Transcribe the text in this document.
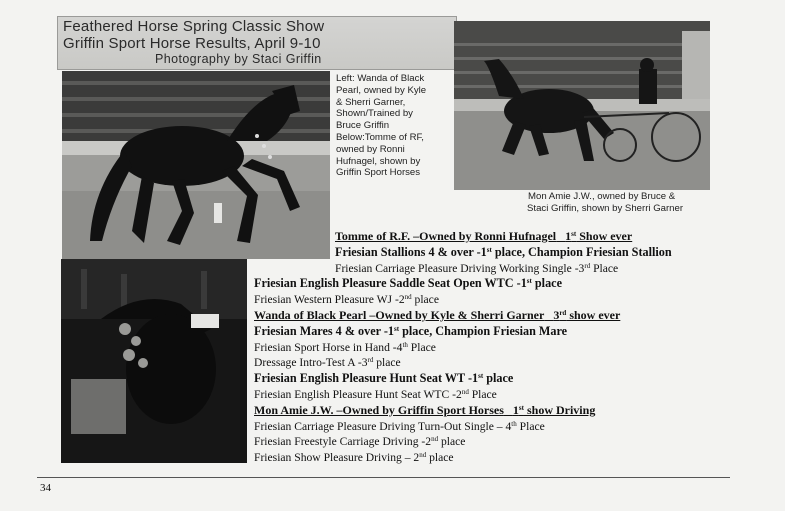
Feathered Horse Spring Classic Show
Griffin Sport Horse Results, April 9-10
Photography by Staci Griffin
Left: Wanda of Black Pearl, owned by Kyle & Sherri Garner, Shown/Trained by Bruce Griffin Below:Tomme of RF, owned by Ronni Hufnagel, shown by Griffin Sport Horses
Mon Amie J.W., owned by Bruce &
Staci Griffin, shown by Sherri Garner
Tomme of R.F. –Owned by Ronni Hufnagel 1st Show ever
Friesian Stallions 4 & over -1st place, Champion Friesian Stallion
Friesian Carriage Pleasure Driving Working Single -3rd Place
Friesian English Pleasure Saddle Seat Open WTC -1st place
Friesian Western Pleasure WJ -2nd place
Wanda of Black Pearl –Owned by Kyle & Sherri Garner 3rd show ever
Friesian Mares 4 & over -1st place, Champion Friesian Mare
Friesian Sport Horse in Hand -4th Place
Dressage Intro-Test A -3rd place
Friesian English Pleasure Hunt Seat WT -1st place
Friesian English Pleasure Hunt Seat WTC -2nd Place
Mon Amie J.W. –Owned by Griffin Sport Horses 1st show Driving
Friesian Carriage Pleasure Driving Turn-Out Single – 4th Place
Friesian Freestyle Carriage Driving -2nd place
Friesian Show Pleasure Driving – 2nd place
34
